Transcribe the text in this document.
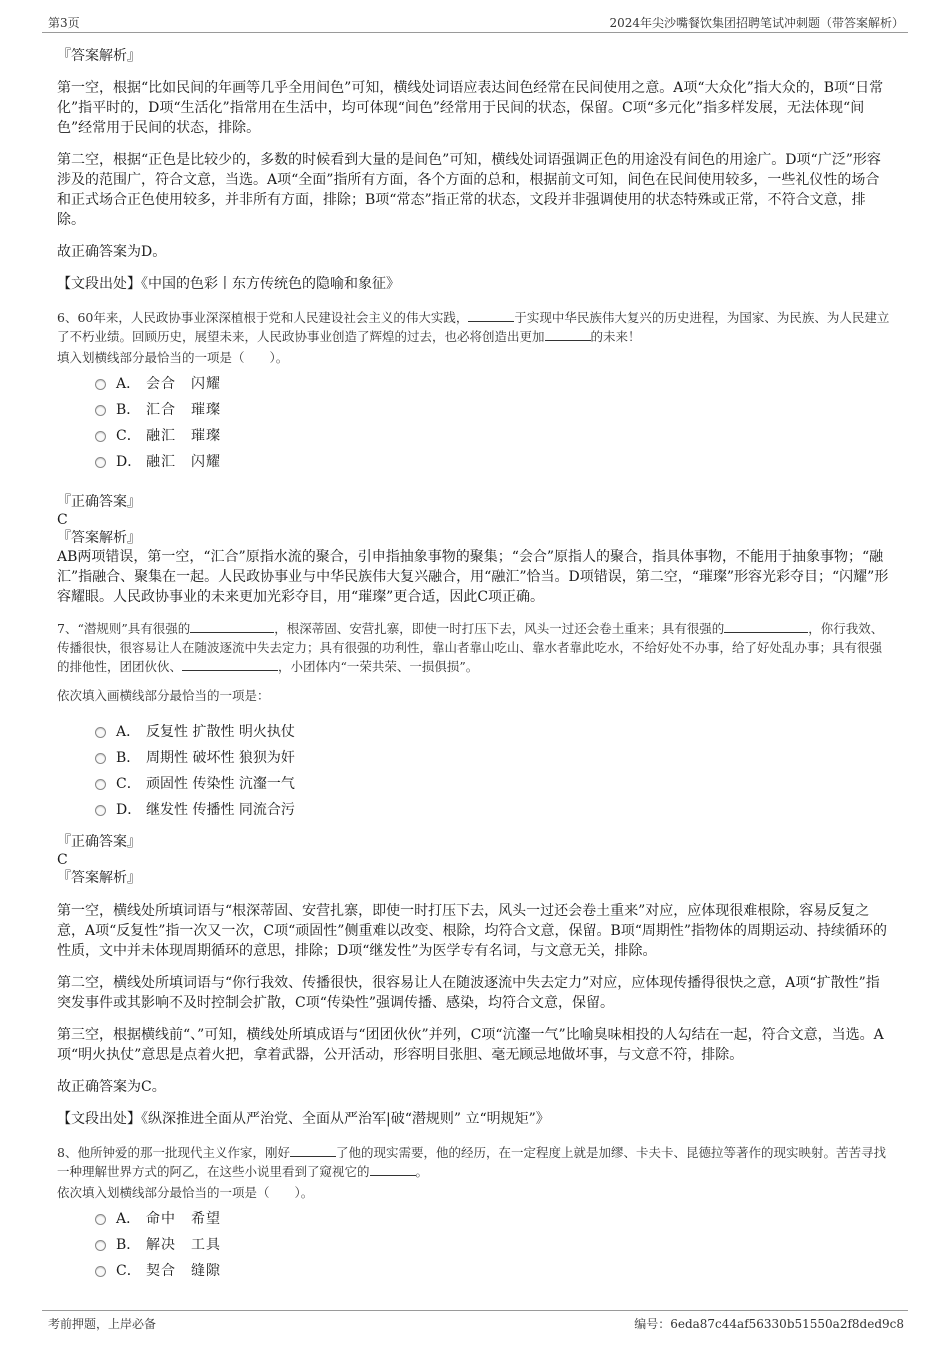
第3页	2024年尖沙嘴餐饮集团招聘笔试冲刺题（带答案解析）
『答案解析』

第一空，根据“比如民间的年画等几乎全用间色”可知，横线处词语应表达间色经常在民间使用之意。A项“大众化”指大众的，B项“日常化”指平时的，D项“生活化”指常用在生活中，均可体现“间色”经常用于民间的状态，保留。C项“多元化”指多样发展，无法体现“间色”经常用于民间的状态，排除。

第二空，根据“正色是比较少的，多数的时候看到大量的是间色”可知，横线处词语强调正色的用途没有间色的用途广。D项“广泛”形容涉及的范围广，符合文意，当选。A项“全面”指所有方面，各个方面的总和，根据前文可知，间色在民间使用较多，一些礼仪性的场合和正式场合正色使用较多，并非所有方面，排除；B项“常态”指正常的状态，文段并非强调使用的状态特殊或正常，不符合文意，排除。

故正确答案为D。

【文段出处】《中国的色彩丨东方传统色的隐喻和象征》

6、60年来，人民政协事业深深植根于党和人民建设社会主义的伟大实践，	于实现中华民族伟大复兴的历史进程，为国家、为民族、为人民建立了不朽业绩。回顾历史，展望未来，人民政协事业创造了辉煌的过去，也必将创造出更加	的未来！

填入划横线部分最恰当的一项是（　　）。

A． 会合　闪耀
B． 汇合　璀璨
C． 融汇　璀璨
D． 融汇　闪耀

『正确答案』

C

『答案解析』

AB两项错误，第一空，“汇合”原指水流的聚合，引申指抽象事物的聚集；“会合”原指人的聚合，指具体事物，不能用于抽象事物；“融汇”指融合、聚集在一起。人民政协事业与中华民族伟大复兴融合，用“融汇”恰当。D项错误，第二空，“璀璨”形容光彩夺目；“闪耀”形容耀眼。人民政协事业的未来更加光彩夺目，用“璀璨”更合适，因此C项正确。

7、“潜规则”具有很强的	，根深蒂固、安营扎寨，即使一时打压下去，风头一过还会卷土重来；具有很强的	，你行我效、传播很快，很容易让人在随波逐流中失去定力；具有很强的功利性，靠山者靠山吃山、靠水者靠此吃水，不给好处不办事，给了好处乱办事；具有很强的排他性，团团伙伙、	，小团体内“一荣共荣、一损俱损”。

依次填入画横线部分最恰当的一项是：

A． 反复性 扩散性 明火执仗
B． 周期性 破坏性 狼狈为奸
C． 顽固性 传染性 沆瀣一气
D． 继发性 传播性 同流合污

『正确答案』

C

『答案解析』

第一空，横线处所填词语与“根深蒂固、安营扎寨，即使一时打压下去，风头一过还会卷土重来”对应，应体现很难根除，容易反复之意，A项“反复性”指一次又一次，C项“顽固性”侧重难以改变、根除，均符合文意，保留。B项“周期性”指物体的周期运动、持续循环的性质，文中并未体现周期循环的意思，排除；D项“继发性”为医学专有名词，与文意无关，排除。

第二空，横线处所填词语与“你行我效、传播很快，很容易让人在随波逐流中失去定力”对应，应体现传播得很快之意，A项“扩散性”指突发事件或其影响不及时控制会扩散，C项“传染性”强调传播、感染，均符合文意，保留。

第三空，根据横线前“、”可知，横线处所填成语与“团团伙伙”并列，C项“沆瀣一气”比喻臭味相投的人勾结在一起，符合文意，当选。A项“明火执仗”意思是点着火把，拿着武器，公开活动，形容明目张胆、毫无顾忌地做坏事，与文意不符，排除。

故正确答案为C。

【文段出处】《纵深推进全面从严治党、全面从严治军|破“潜规则” 立“明规矩”》

8、他所钟爱的那一批现代主义作家，刚好	了他的现实需要，他的经历，在一定程度上就是加缪、卡夫卡、昆德拉等著作的现实映射。苦苦寻找一种理解世界方式的阿乙，在这些小说里看到了窥视它的	。

依次填入划横线部分最恰当的一项是（　　）。

A． 命中　希望
B． 解决　工具
C． 契合　缝隙
考前押题，上岸必备	编号：6eda87c44af56330b51550a2f8ded9c8
